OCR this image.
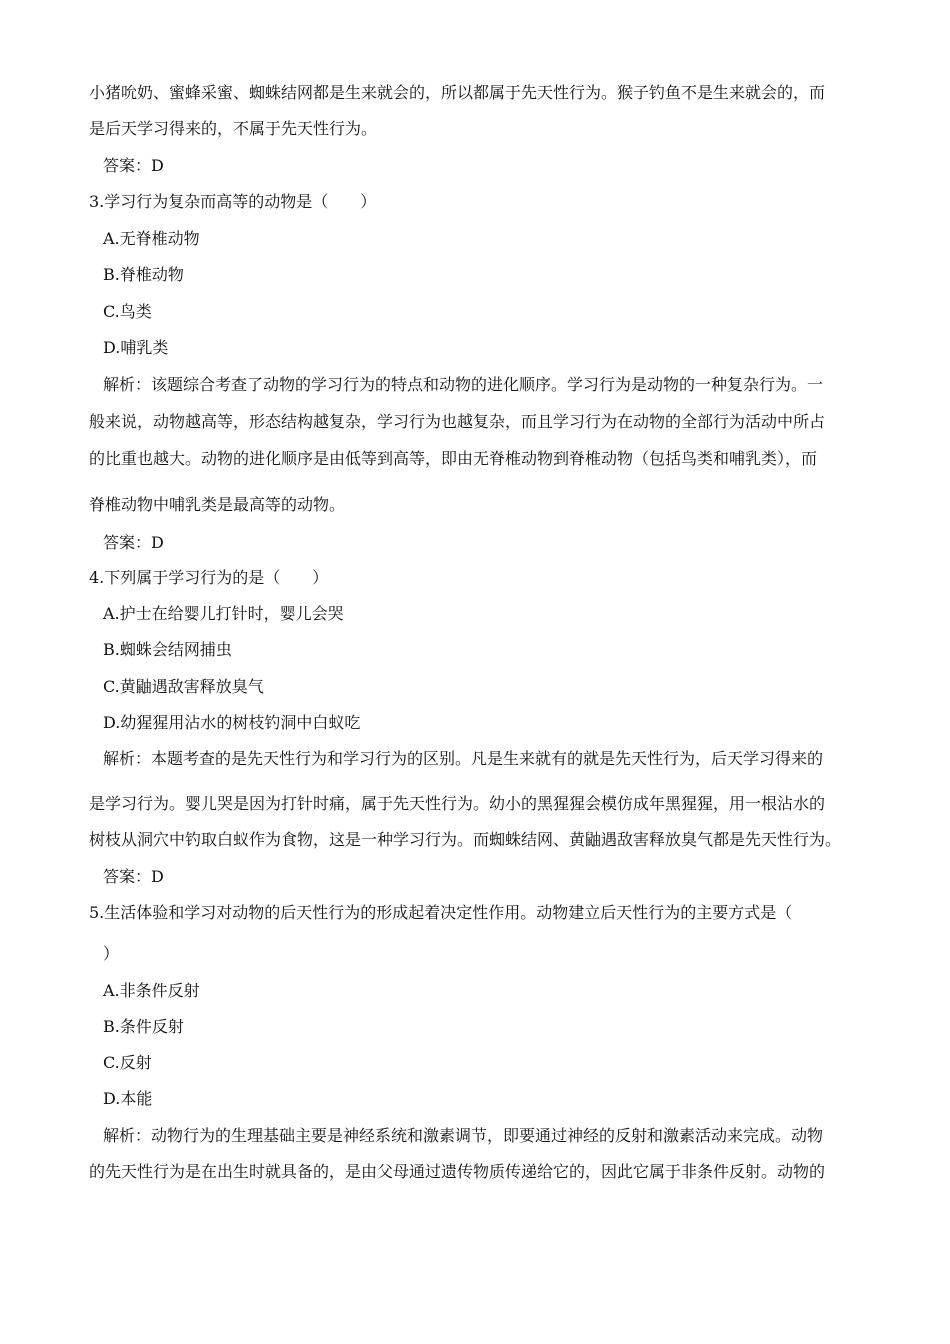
小猪吮奶、蜜蜂采蜜、蜘蛛结网都是生来就会的，所以都属于先天性行为。猴子钓鱼不是生来就会的，而
是后天学习得来的，不属于先天性行为。
答案：D
3.学习行为复杂而高等的动物是（　　）
A.无脊椎动物
B.脊椎动物
C.鸟类
D.哺乳类
解析：该题综合考查了动物的学习行为的特点和动物的进化顺序。学习行为是动物的一种复杂行为。一
般来说，动物越高等，形态结构越复杂，学习行为也越复杂，而且学习行为在动物的全部行为活动中所占
的比重也越大。动物的进化顺序是由低等到高等，即由无脊椎动物到脊椎动物（包括鸟类和哺乳类），而
脊椎动物中哺乳类是最高等的动物。
答案：D
4.下列属于学习行为的是（　　）
A.护士在给婴儿打针时，婴儿会哭
B.蜘蛛会结网捕虫
C.黄鼬遇敌害释放臭气
D.幼猩猩用沾水的树枝钓洞中白蚁吃
解析：本题考查的是先天性行为和学习行为的区别。凡是生来就有的就是先天性行为，后天学习得来的
是学习行为。婴儿哭是因为打针时痛，属于先天性行为。幼小的黑猩猩会模仿成年黑猩猩，用一根沾水的
树枝从洞穴中钓取白蚁作为食物，这是一种学习行为。而蜘蛛结网、黄鼬遇敌害释放臭气都是先天性行为。
答案：D
5.生活体验和学习对动物的后天性行为的形成起着决定性作用。动物建立后天性行为的主要方式是（
）
A.非条件反射
B.条件反射
C.反射
D.本能
解析：动物行为的生理基础主要是神经系统和激素调节，即要通过神经的反射和激素活动来完成。动物
的先天性行为是在出生时就具备的，是由父母通过遗传物质传递给它的，因此它属于非条件反射。动物的
